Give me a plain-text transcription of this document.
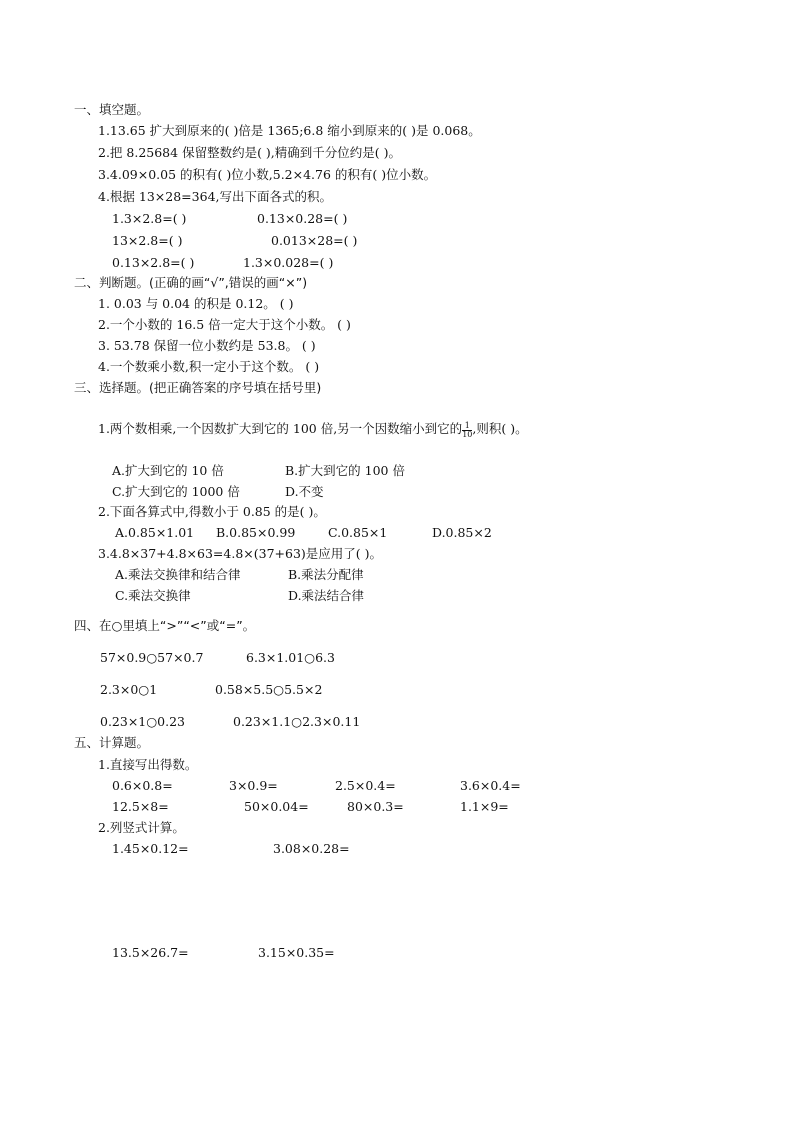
一、填空题。
1.13.65 扩大到原来的( )倍是 1365;6.8 缩小到原来的( )是 0.068。
2.把 8.25684 保留整数约是( ),精确到千分位约是( )。
3.4.09×0.05 的积有( )位小数,5.2×4.76 的积有( )位小数。
4.根据 13×28=364,写出下面各式的积。
1.3×2.8=( )	0.13×0.28=( )
13×2.8=( )	0.013×28=( )
0.13×2.8=( )	1.3×0.028=( )
二、判断题。(正确的画“√”,错误的画“×”)
1. 0.03 与 0.04 的积是 0.12。 ( )
2.一个小数的 16.5 倍一定大于这个小数。 ( )
3. 53.78 保留一位小数约是 53.8。 ( )
4.一个数乘小数,积一定小于这个数。 ( )
三、选择题。(把正确答案的序号填在括号里)
1.两个数相乘,一个因数扩大到它的 100 倍,另一个因数缩小到它的 $\frac{1}{10}$ ,则积( )。
A.扩大到它的 10 倍	B.扩大到它的 100 倍
C.扩大到它的 1000 倍	D.不变
2.下面各算式中,得数小于 0.85 的是( )。
A.0.85×1.01 B.0.85×0.99	C.0.85×1	D.0.85×2
3.4.8×37+4.8×63=4.8×(37+63)是应用了( )。
A.乘法交换律和结合律	B.乘法分配律
C.乘法交换律	D.乘法结合律
四、在○里填上“>”“<”或“=”。
57×0.9○57×0.7	6.3×1.01○6.3
2.3×0○1	0.58×5.5○5.5×2
0.23×1○0.23	0.23×1.1○2.3×0.11
五、计算题。
1.直接写出得数。
0.6×0.8=	3×0.9=	2.5×0.4=	3.6×0.4=
12.5×8=	50×0.04=	80×0.3=	1.1×9=
2.列竖式计算。
1.45×0.12=	3.08×0.28=
13.5×26.7=	3.15×0.35=
